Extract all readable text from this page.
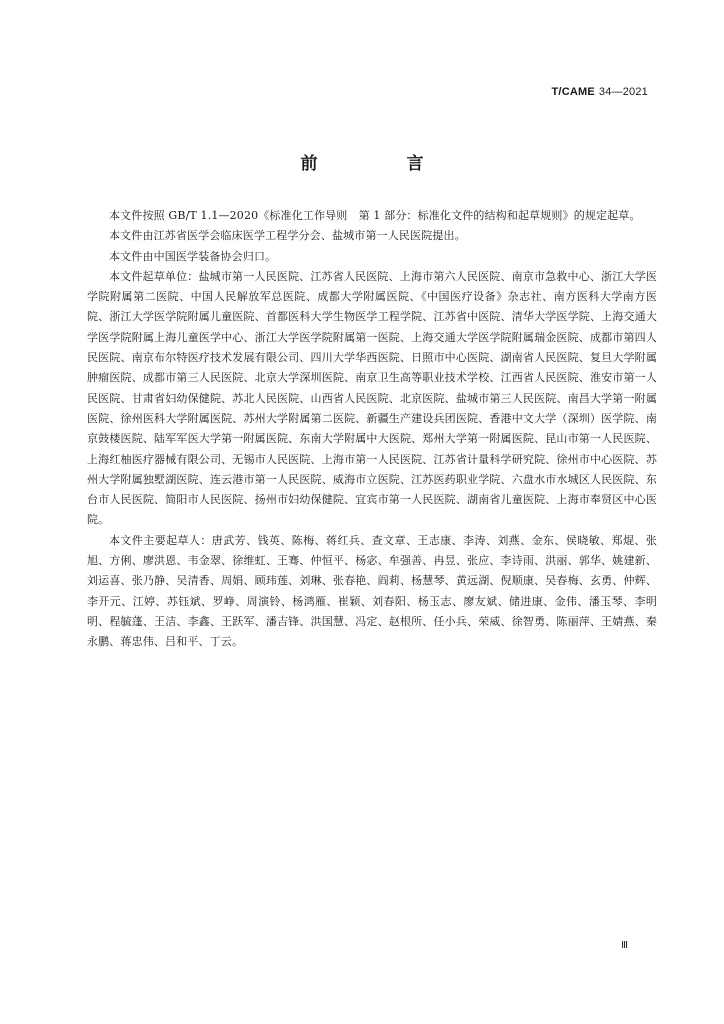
T/CAME 34—2021
前　言

本文件按照 GB/T 1.1—2020《标准化工作导则　第 1 部分：标准化文件的结构和起草规则》的规定起草。

本文件由江苏省医学会临床医学工程学分会、盐城市第一人民医院提出。

本文件由中国医学装备协会归口。

本文件起草单位：盐城市第一人民医院、江苏省人民医院、上海市第六人民医院、南京市急救中心、浙江大学医学院附属第二医院、中国人民解放军总医院、成都大学附属医院、《中国医疗设备》杂志社、南方医科大学南方医院、浙江大学医学院附属儿童医院、首都医科大学生物医学工程学院、江苏省中医院、清华大学医学院、上海交通大学医学院附属上海儿童医学中心、浙江大学医学院附属第一医院、上海交通大学医学院附属瑞金医院、成都市第四人民医院、南京布尔特医疗技术发展有限公司、四川大学华西医院、日照市中心医院、湖南省人民医院、复旦大学附属肿瘤医院、成都市第三人民医院、北京大学深圳医院、南京卫生高等职业技术学校、江西省人民医院、淮安市第一人民医院、甘肃省妇幼保健院、苏北人民医院、山西省人民医院、北京医院、盐城市第三人民医院、南昌大学第一附属医院、徐州医科大学附属医院、苏州大学附属第二医院、新疆生产建设兵团医院、香港中文大学（深圳）医学院、南京鼓楼医院、陆军军医大学第一附属医院、东南大学附属中大医院、郑州大学第一附属医院、昆山市第一人民医院、上海红柚医疗器械有限公司、无锡市人民医院、上海市第一人民医院、江苏省计量科学研究院、徐州市中心医院、苏州大学附属独墅湖医院、连云港市第一人民医院、威海市立医院、江苏医药职业学院、六盘水市水城区人民医院、东台市人民医院、简阳市人民医院、扬州市妇幼保健院、宜宾市第一人民医院、湖南省儿童医院、上海市奉贤区中心医院。

本文件主要起草人：唐武芳、钱英、陈梅、蒋红兵、查文章、王志康、李涛、刘燕、金东、侯晓敏、郑焜、张旭、方俐、廖洪恩、韦金翠、徐维虹、王骞、仲恒平、杨宓、牟强善、冉昱、张应、李诗雨、洪丽、郭华、姚建新、刘运喜、张乃静、吴清香、周娟、顾玮莲、刘琳、张春艳、阎莉、杨慧琴、黄远湖、倪顺康、吴春梅、玄勇、仲辉、李开元、江婷、苏钰斌、罗峥、周演铃、杨鸿雁、崔颖、刘春阳、杨玉志、廖友斌、储进康、金伟、潘玉琴、李明明、程毓蓬、王洁、李鑫、王跃军、潘吉锋、洪国慧、冯定、赵根所、任小兵、荣威、徐智勇、陈丽萍、王婧燕、秦永鹏、蒋忠伟、吕和平、丁云。

Ⅲ
